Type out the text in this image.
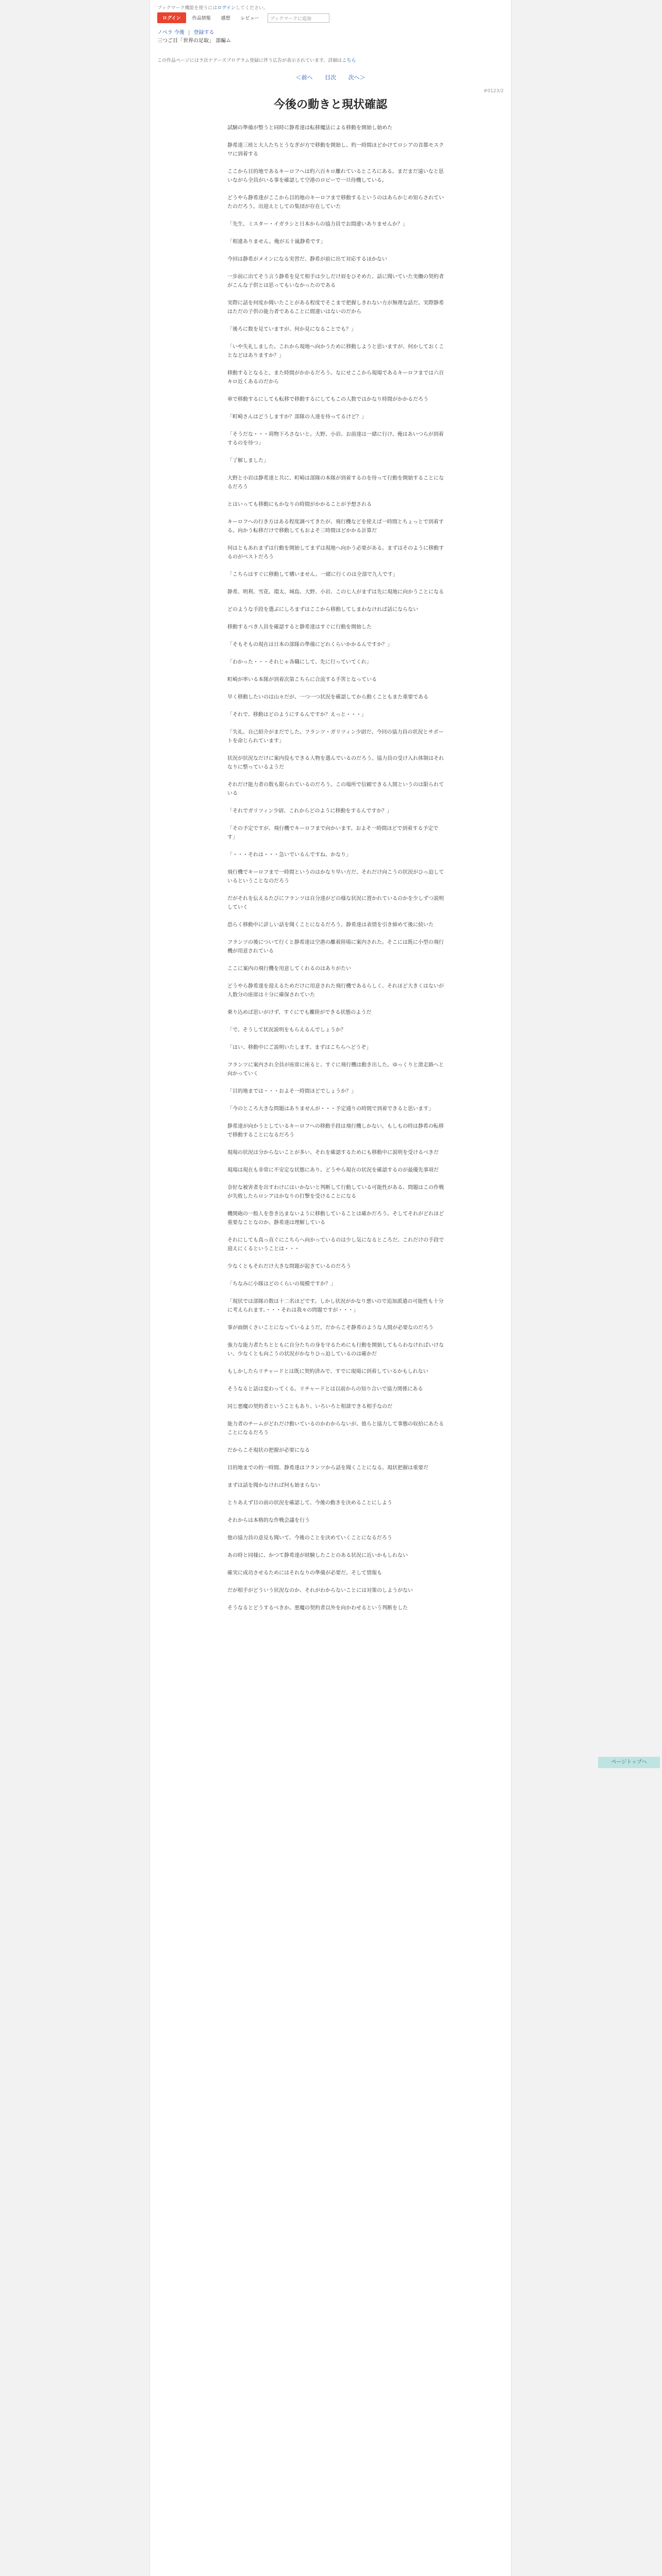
ブックマーク機能を使うにはログインしてください。
ログイン	作品情報	感想	レビュー	ブックマークに追加
ノベラ 今後 | 登録する
三つご目「世界の足取」 部編ム
この作品ページにはラ次ナアーズブログラム登録に伴う広告が表示されています。詳細はこちら
＜前へ 目次 次へ＞
#0123/2
今後の動きと現状確認

試験の準備が整うと同時に静希達は転移魔法による移動を開始し始めた

静希達三班と大人たちとうなぎが方で移動を開始し、約一時間ほどかけてロシアの首都モスクワに到着する

ここから目的地であるキーロフへは約六百キロ離れているところにある。まだまだ遠いなと思いながら全員がいる事を確認して空港のロビーで一旦待機している。

どうやら静希達がここから目的地のキーロフまで移動するというのはあらかじめ知らされていたのだろう。出迎えとしての集団が存在していた

「先生、ミスター・イガラシと日本からの協力員でお間違いありませんか？」

「相違ありません。俺が五十嵐静希です」

今回は静希がメインになる実習だ、静希が前に出て対応するほかない

一歩前に出てそう言う静希を見て相手は少しだけ眉をひそめた、話に聞いていた実働の契約者がこんな子供とは思ってもいなかったのである

実際に話を何度か聞いたことがある程度でそこまで把握しきれない方が無理な話だ。実際静希はただの子供の能力者であることに間違いはないのだから

「後ろに数を見ていますが、何か見になることでも？」

「いや失礼しました。これから現地へ向かうために移動しようと思いますが、何かしておくことなどはありますか？」

移動するとなると、また時間がかかるだろう。なにせここから現場であるキーロフまでは六百キロ近くあるのだから

車で移動するにしても転移で移動するにしてもこの人数ではかなり時間がかかるだろう

「町崎さんはどうしますか？部隊の人達を待ってるけど？」

「そうだな・・・荷物下ろさないと。大野、小岩、お前達は一緒に行け、俺はあいつらが到着するのを待つ」

「了解しました」

大野と小岩は静希達と共に、町崎は部隊の本隊が到着するのを待って行動を開始することになるだろう

とはいっても移動にもかなりの時間がかかることが予想される

キーロフへの行き方はある程度調べてきたが、飛行機などを使えば一時間とちょっとで到着する。向かう転移だけで移動してもおよそ三時間ほどかかる計算だ

何はともあれまずは行動を開始してまずは現地へ向かう必要がある。まずはそのように移動するのがベストだろう

「こちらはすぐに移動して構いません。一緒に行くのは全部で九人です」

静希、明利、雪花、環太、城島、大野、小岩、この七人がまずは先に現地に向かうことになる

どのような手段を選ぶにしろまずはここから移動してしまわなければ話にならない

移動するべき人員を確認すると静希達はすぐに行動を開始した

「そもそもの現在は日本の部隊の準備にどれくらいかかるんですか？」

「わかった・・・それじゃ各職にして、先に行っていてくれ」

町崎が率いる本隊が到着次第こちらに合流する手筈となっている

早く移動したいのは山々だが、一つ一つ状況を確認してから動くこともまた重要である

「それで、移動はどのようにするんですか？えっと・・・」

「失礼、自己紹介がまだでした。フランツ・ガリツィン少尉だ、今回の協力員の状況とサポートを命じられています」

状況が状況なだけに案内役もできる人物を選んでいるのだろう。協力員の受け入れ体制はそれなりに整っているようだ

それだけ能力者の数も限られているのだろう。この場所で信頼できる人間というのは限られている

「それでガリツィン少尉、これからどのように移動をするんですか？」

「その予定ですが、飛行機でキーロフまで向かいます。およそ一時間ほどで到着する予定です」

「・・・それは・・・急いでいるんですね、かなり」

飛行機でキーロフまで一時間というのはかなり早い方だ、それだけ向こうの状況がひっ迫しているということなのだろう

だがそれを伝えるたびにフランツは自分達がどの様な状況に置かれているのかを少しずつ説明していく

恐らく移動中に詳しい話を聞くことになるだろう。静希達は表情を引き締めて後に続いた

フランツの後について行くと静希達は空港の離着陸場に案内された。そこには既に小型の飛行機が用意されている

ここに案内の飛行機を用意してくれるのはありがたい

どうやら静希達を迎えるためだけに用意された飛行機であるらしく、それほど大きくはないが人数分の座席は十分に確保されていた

乗り込めば思いがけず、すぐにでも離陸ができる状態のようだ

「で、そうして状況説明をもらえるんでしょうか？

「はい、移動中にご説明いたします。まずはこちらへどうぞ」

フランツに案内され全員が座席に座ると、すぐに飛行機は動き出した。ゆっくりと滑走路へと向かっていく

「目的地までは・・・およそ一時間ほどでしょうか？」

「今のところ大きな問題はありませんが・・・予定通りの時間で到着できると思います」

静希達が向かうとしているキーロフへの移動手段は飛行機しかない。もしもの時は静希の転移で移動することになるだろう

現場の状況は分からないことが多い、それを確認するためにも移動中に説明を受けるべきだ

現場は現在も非常に不安定な状態にあり、どうやら現在の状況を確認するのが最優先事項だ

奈好な被害者を出すわけにはいかないと判断して行動している可能性がある、問題はこの作戦が失敗したらロシアはかなりの打撃を受けることになる

機関砲の一般人を巻き込まないように移動していることは確かだろう。そしてそれがどれほど重要なことなのか、静希達は理解している

それにしても真っ直ぐにこちらへ向かっているのは少し気になるところだ。これだけの手段で迎えにくるということは・・・

少なくともそれだけ大きな問題が起きているのだろう

「ちなみに小隊はどのくらいの規模ですか？」

「現状では部隊の数は十二名ほどです。しかし状況がかなり悪いので追加派遣の可能性も十分に考えられます。・・・それは我々の問題ですが・・・」

事が面倒くさいことになっているようだ。だからこそ静希のような人間が必要なのだろう

強力な能力者たちとともに自分たちの身を守るためにも行動を開始してもらわなければいけない、少なくとも向こうの状況がかなりひっ迫しているのは確かだ

もしかしたらリチャードとは既に契約済みで、すでに現場に到着しているかもしれない

そうなると話は変わってくる。リチャードとは以前からの知り合いで協力関係にある

同じ悪魔の契約者ということもあり、いろいろと相談できる相手なのだ

能力者のチームがどれだけ動いているのかわからないが、彼らと協力して事態の収拾にあたることになるだろう

だからこそ現状の把握が必要になる

目的地までの約一時間、静希達はフランツから話を聞くことになる。現状把握は重要だ

まずは話を聞かなければ何も始まらない

とりあえず目の前の状況を確認して、今後の動きを決めることにしよう

それからは本格的な作戦会議を行う

他の協力員の意見も聞いて、今後のことを決めていくことになるだろう

あの時と同様に、かつて静希達が経験したことのある状況に近いかもしれない

確実に成功させるためにはそれなりの準備が必要だ。そして情報も

だが相手がどういう状況なのか、それがわからないことには対策のしようがない

そうなるとどうするべきか。悪魔の契約者以外を向かわせるという判断をした

ページトップへ
